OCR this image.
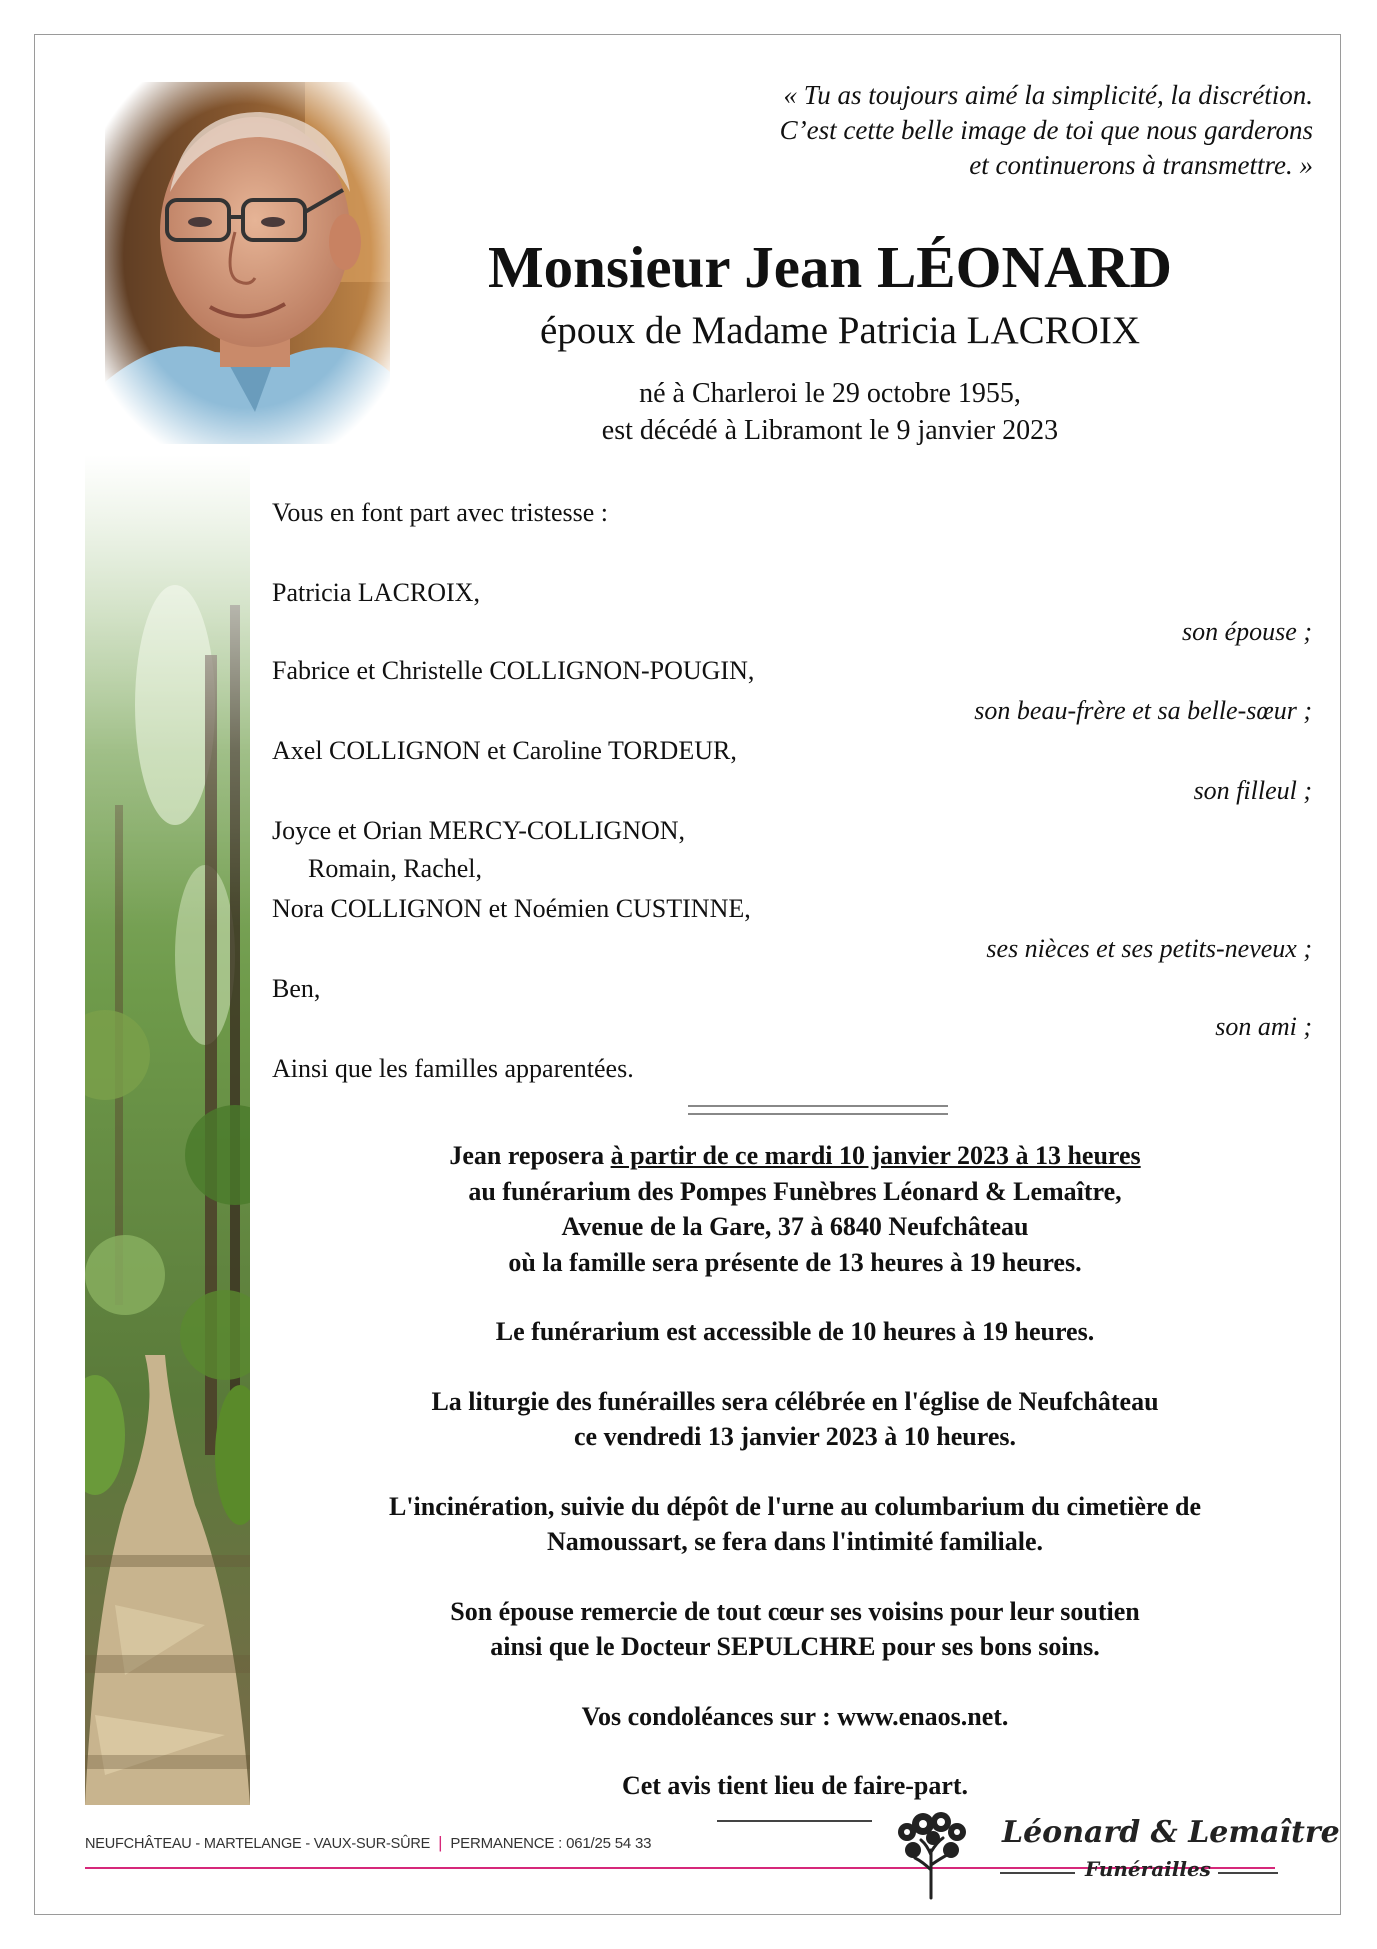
« Tu as toujours aimé la simplicité, la discrétion.
C’est cette belle image de toi que nous garderons
et continuerons à transmettre. »
Monsieur Jean LÉONARD
époux de Madame Patricia LACROIX
né à Charleroi le 29 octobre 1955,
est décédé à Libramont le 9 janvier 2023
Vous en font part avec tristesse :
Patricia LACROIX,
son épouse ;
Fabrice et Christelle COLLIGNON-POUGIN,
son beau-frère et sa belle-sœur ;
Axel COLLIGNON et Caroline TORDEUR,
son filleul ;
Joyce et Orian MERCY-COLLIGNON,
Romain, Rachel,
Nora COLLIGNON et Noémien CUSTINNE,
ses nièces et ses petits-neveux ;
Ben,
son ami ;
Ainsi que les familles apparentées.

Jean reposera à partir de ce mardi 10 janvier 2023 à 13 heures
au funérarium des Pompes Funèbres Léonard & Lemaître,
Avenue de la Gare, 37 à 6840 Neufchâteau
où la famille sera présente de 13 heures à 19 heures.

Le funérarium est accessible de 10 heures à 19 heures.

La liturgie des funérailles sera célébrée en l'église de Neufchâteau
ce vendredi 13 janvier 2023 à 10 heures.

L'incinération, suivie du dépôt de l'urne au columbarium du cimetière de
Namoussart, se fera dans l'intimité familiale.

Son épouse remercie de tout cœur ses voisins pour leur soutien
ainsi que le Docteur SEPULCHRE pour ses bons soins.

Vos condoléances sur : www.enaos.net.

Cet avis tient lieu de faire-part.

NEUFCHÂTEAU - MARTELANGE - VAUX-SUR-SÛRE | PERMANENCE : 061/25 54 33	Léonard & Lemaître
Funérailles
